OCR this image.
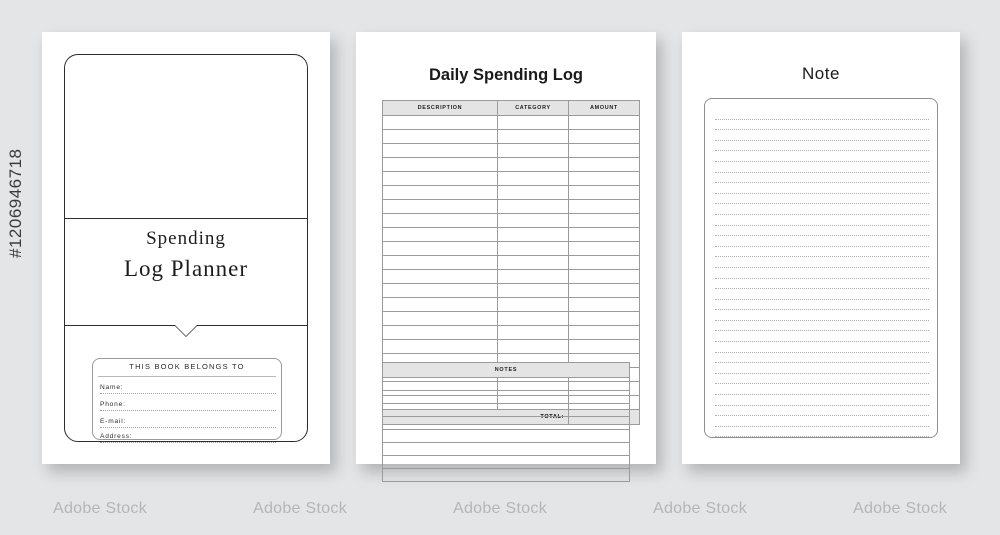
#1206946718
Adobe Stock	Adobe Stock	Adobe Stock	Adobe Stock	Adobe Stock
Spending
Log Planner
THIS BOOK BELONGS TO
Name:
Phone:
E-mail:
Address:
Daily Spending Log
DESCRIPTION	CATEGORY	AMOUNT

TOTAL:		
NOTES

Note
